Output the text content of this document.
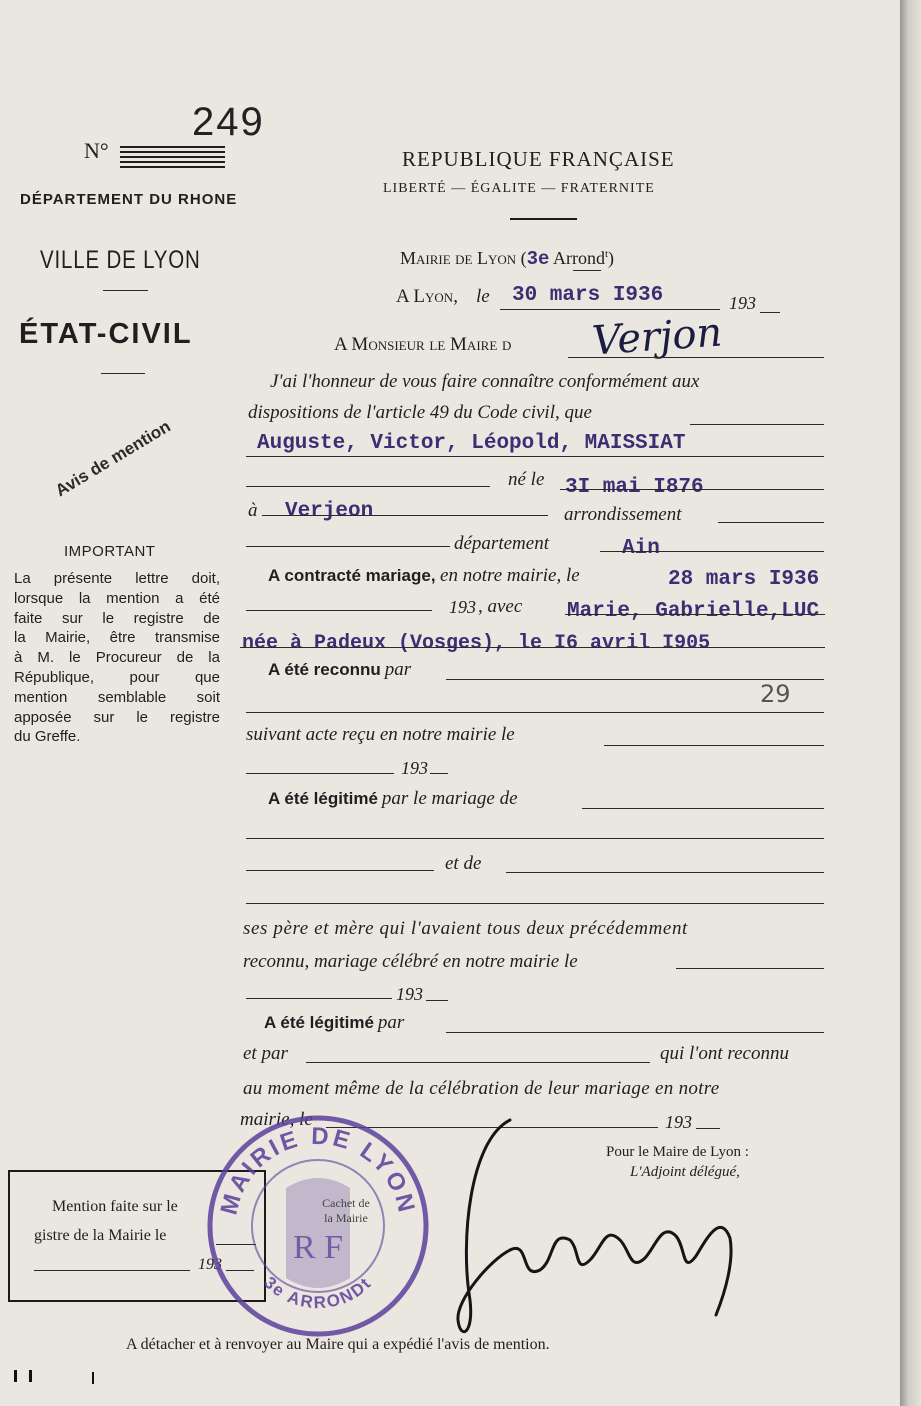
N°
249
DÉPARTEMENT DU RHONE
VILLE DE LYON
ÉTAT-CIVIL
Avis de mention
IMPORTANT
La présente lettre doit,
lorsque la mention a été
faite sur le registre de
la Mairie, être transmise
à M. le Procureur de la
République, pour que
mention semblable soit
apposée sur le registre
du Greffe.
REPUBLIQUE FRANÇAISE
LIBERTÉ — ÉGALITE — FRATERNITE
Mairie de Lyon (3e Arrond$^t$)
A Lyon, le 30 mars I936	193
A Monsieur le Maire d Verjon
J'ai l'honneur de vous faire connaître conformément aux
dispositions de l'article 49 du Code civil, que
Auguste, Victor, Léopold, MAISSIAT
né le 3I mai I876
à Verjeon	arrondissement
département	Ain
A contracté mariage, en notre mairie, le	28 mars I936
193 , avec Marie, Gabrielle,LUC
née à Padeux (Vosges), le I6 avril I905
A été reconnu par
29
suivant acte reçu en notre mairie le
193
A été légitimé par le mariage de
et de
ses père et mère qui l'avaient tous deux précédemment
reconnu, mariage célébré en notre mairie le
193
A été légitimé par
et par	qui l'ont reconnu
au moment même de la célébration de leur mariage en notre
mairie, le	193
Pour le Maire de Lyon :
L'Adjoint délégué,
Mention faite sur le
gistre de la Mairie le
193
MAIRIE DE LYON
3e ARRONDt
R F
Cachet de la Mairie
A détacher et à renvoyer au Maire qui a expédié l'avis de mention.
